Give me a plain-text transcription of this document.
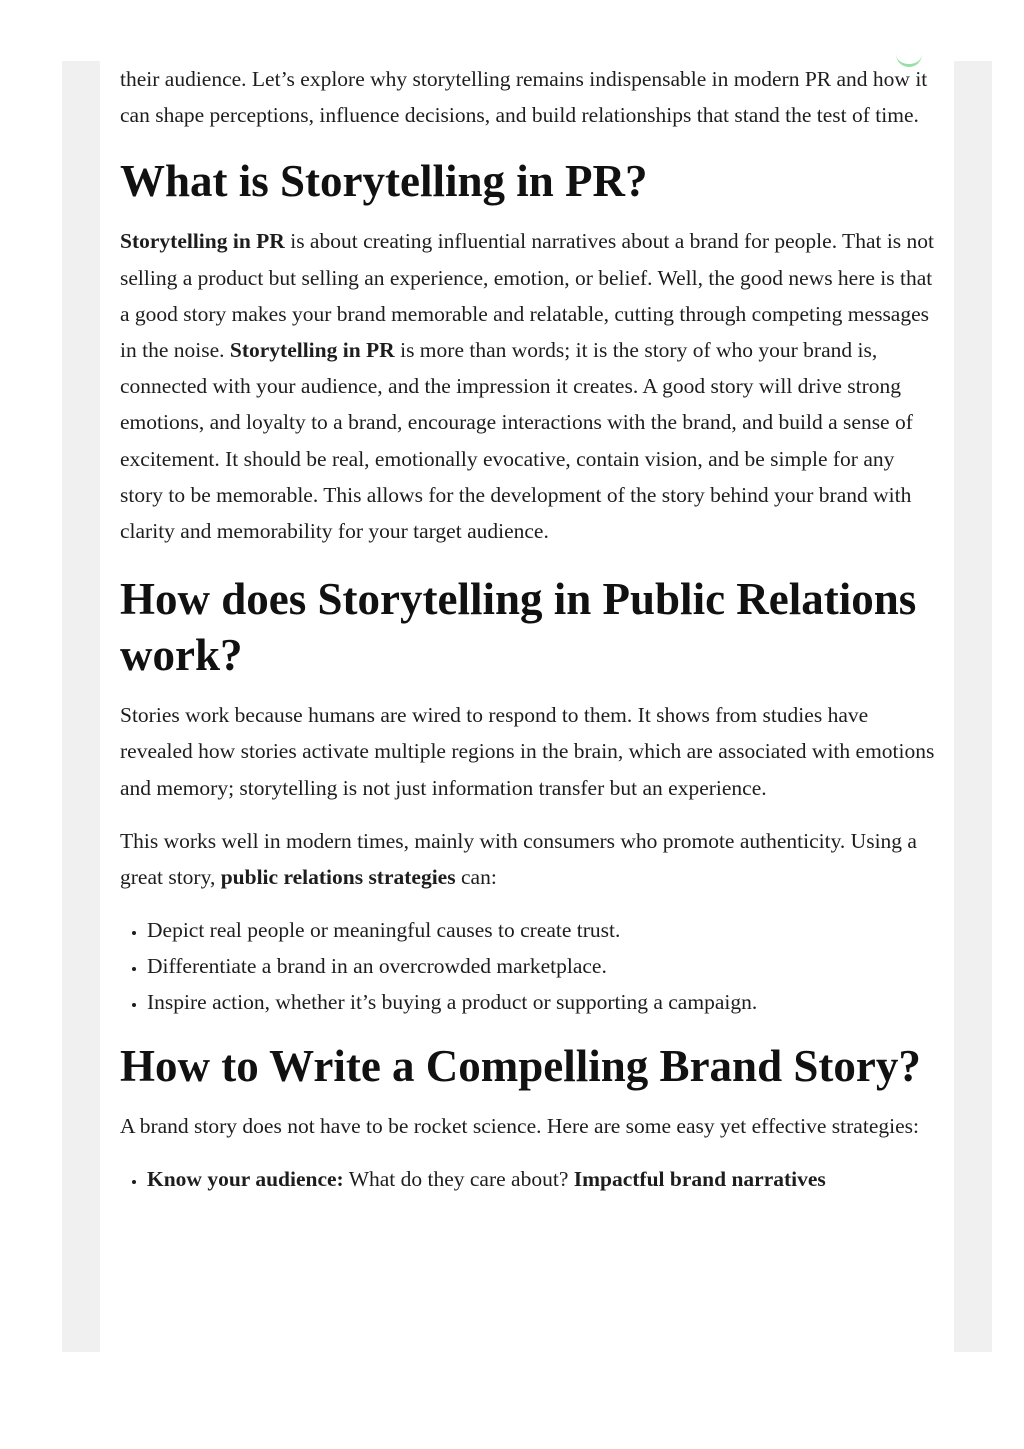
their audience. Let’s explore why storytelling remains indispensable in modern PR and how it can shape perceptions, influence decisions, and build relationships that stand the test of time.

What is Storytelling in PR?

Storytelling in PR is about creating influential narratives about a brand for people. That is not selling a product but selling an experience, emotion, or belief. Well, the good news here is that a good story makes your brand memorable and relatable, cutting through competing messages in the noise. Storytelling in PR is more than words; it is the story of who your brand is, connected with your audience, and the impression it creates. A good story will drive strong emotions, and loyalty to a brand, encourage interactions with the brand, and build a sense of excitement. It should be real, emotionally evocative, contain vision, and be simple for any story to be memorable. This allows for the development of the story behind your brand with clarity and memorability for your target audience.

How does Storytelling in Public Relations work?

Stories work because humans are wired to respond to them. It shows from studies have revealed how stories activate multiple regions in the brain, which are associated with emotions and memory; storytelling is not just information transfer but an experience.

This works well in modern times, mainly with consumers who promote authenticity. Using a great story, public relations strategies can:

• Depict real people or meaningful causes to create trust.
• Differentiate a brand in an overcrowded marketplace.
• Inspire action, whether it’s buying a product or supporting a campaign.
How to Write a Compelling Brand Story?

A brand story does not have to be rocket science. Here are some easy yet effective strategies:

• Know your audience: What do they care about? Impactful brand narratives
